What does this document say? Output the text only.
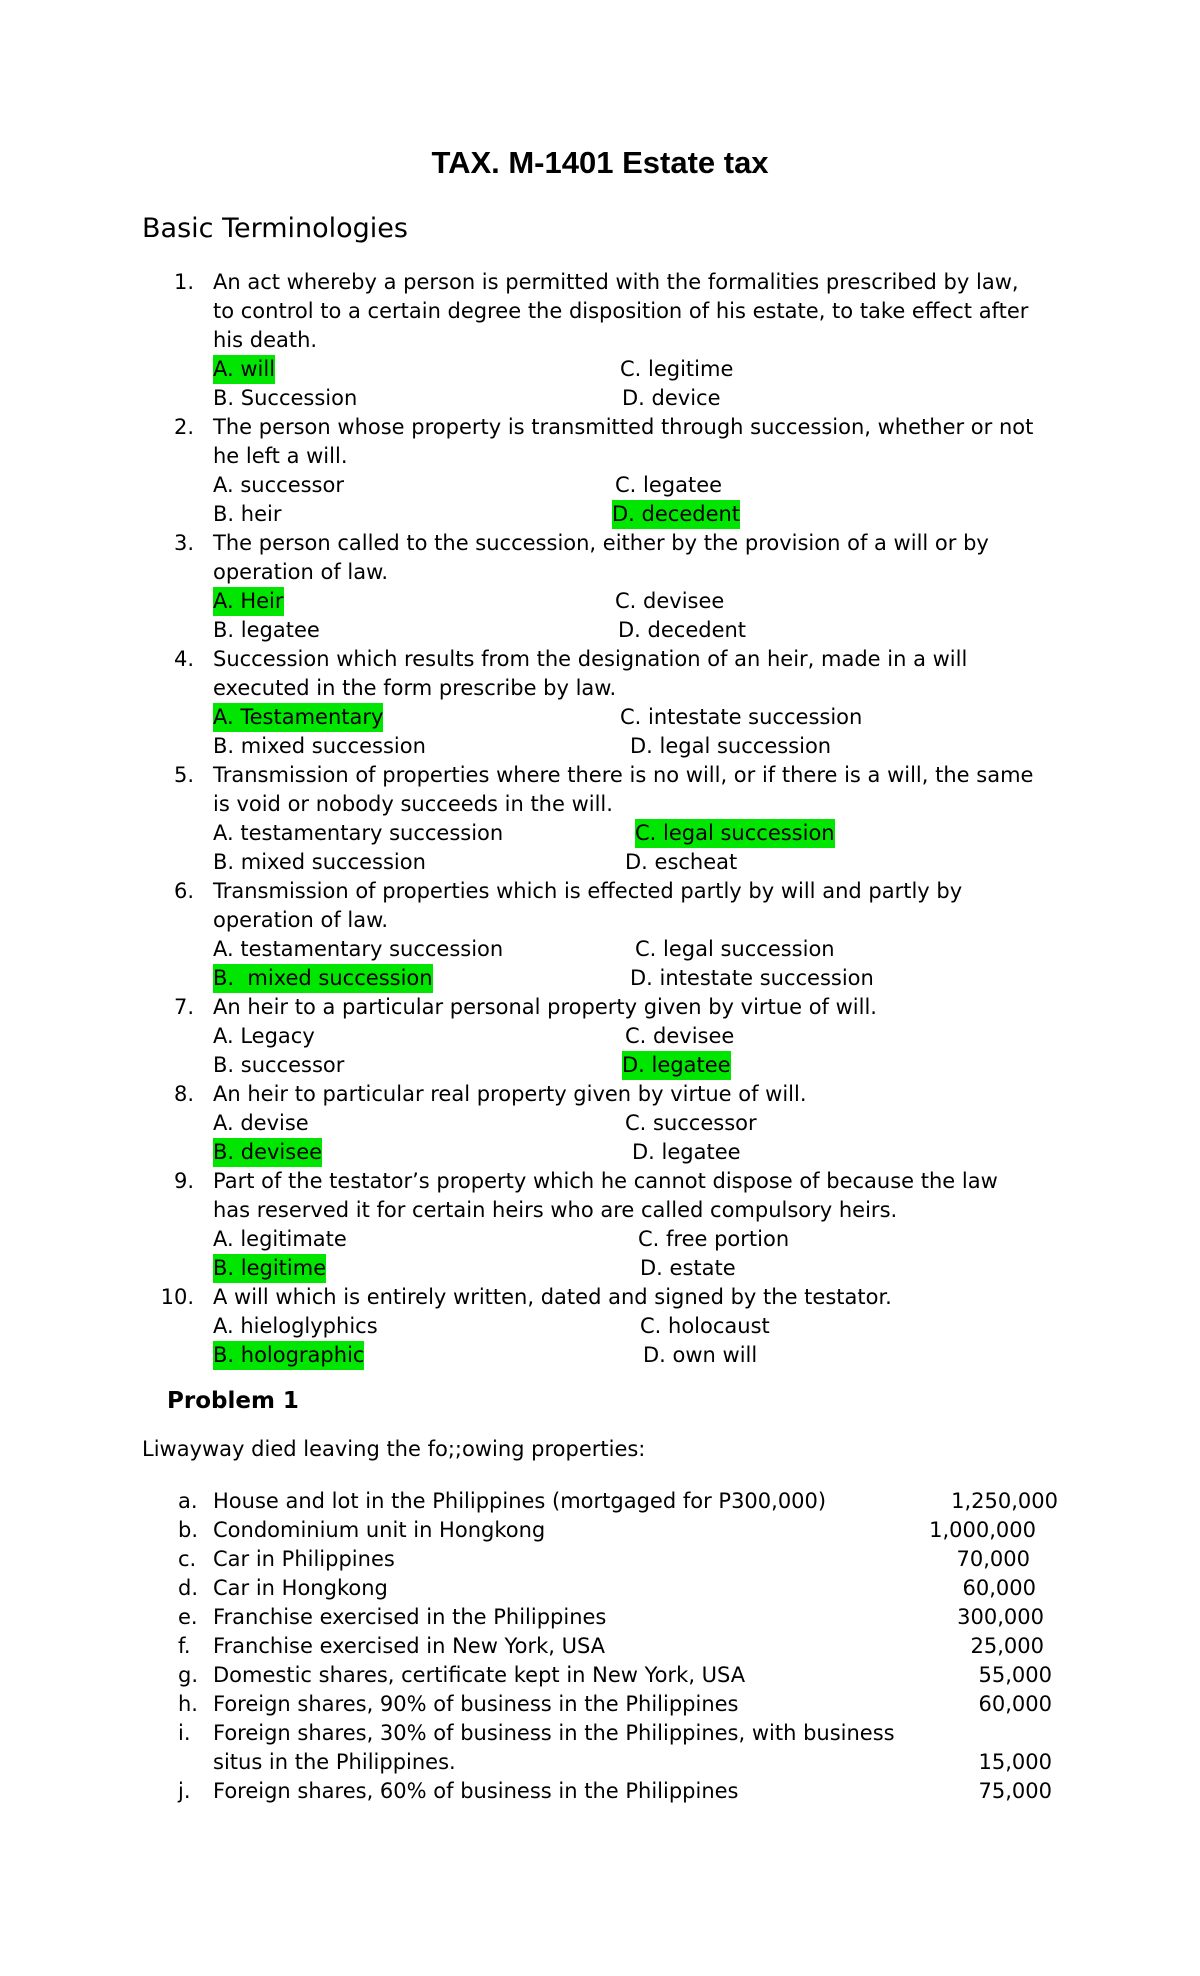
TAX. M-1401 Estate tax
Basic Terminologies
1. An act whereby a person is permitted with the formalities prescribed by law,
to control to a certain degree the disposition of his estate, to take effect after
his death.
A. will	C. legitime
B. Succession	D. device
2. The person whose property is transmitted through succession, whether or not
he left a will.
A. successor	C. legatee
B. heir	D. decedent
3. The person called to the succession, either by the provision of a will or by
operation of law.
A. Heir	C. devisee
B. legatee	D. decedent
4. Succession which results from the designation of an heir, made in a will
executed in the form prescribe by law.
A. Testamentary	C. intestate succession
B. mixed succession	D. legal succession
5. Transmission of properties where there is no will, or if there is a will, the same
is void or nobody succeeds in the will.
A. testamentary succession	C. legal succession
B. mixed succession	D. escheat
6. Transmission of properties which is effected partly by will and partly by
operation of law.
A. testamentary succession	C. legal succession
B.  mixed succession	D. intestate succession
7. An heir to a particular personal property given by virtue of will.
A. Legacy	C. devisee
B. successor	D. legatee
8. An heir to particular real property given by virtue of will.
A. devise	C. successor
B. devisee	D. legatee
9. Part of the testator’s property which he cannot dispose of because the law
has reserved it for certain heirs who are called compulsory heirs.
A. legitimate	C. free portion
B. legitime	D. estate
10. A will which is entirely written, dated and signed by the testator.
A. hieloglyphics	C. holocaust
B. holographic	D. own will
Problem 1
Liwayway died leaving the fo;;owing properties:
a. House and lot in the Philippines (mortgaged for P300,000)	1,250,000
b. Condominium unit in Hongkong	1,000,000
c. Car in Philippines	70,000
d. Car in Hongkong	60,000
e. Franchise exercised in the Philippines	300,000
f. Franchise exercised in New York, USA	25,000
g. Domestic shares, certificate kept in New York, USA	55,000
h. Foreign shares, 90% of business in the Philippines	60,000
i. Foreign shares, 30% of business in the Philippines, with business
situs in the Philippines.	15,000
j. Foreign shares, 60% of business in the Philippines	75,000
